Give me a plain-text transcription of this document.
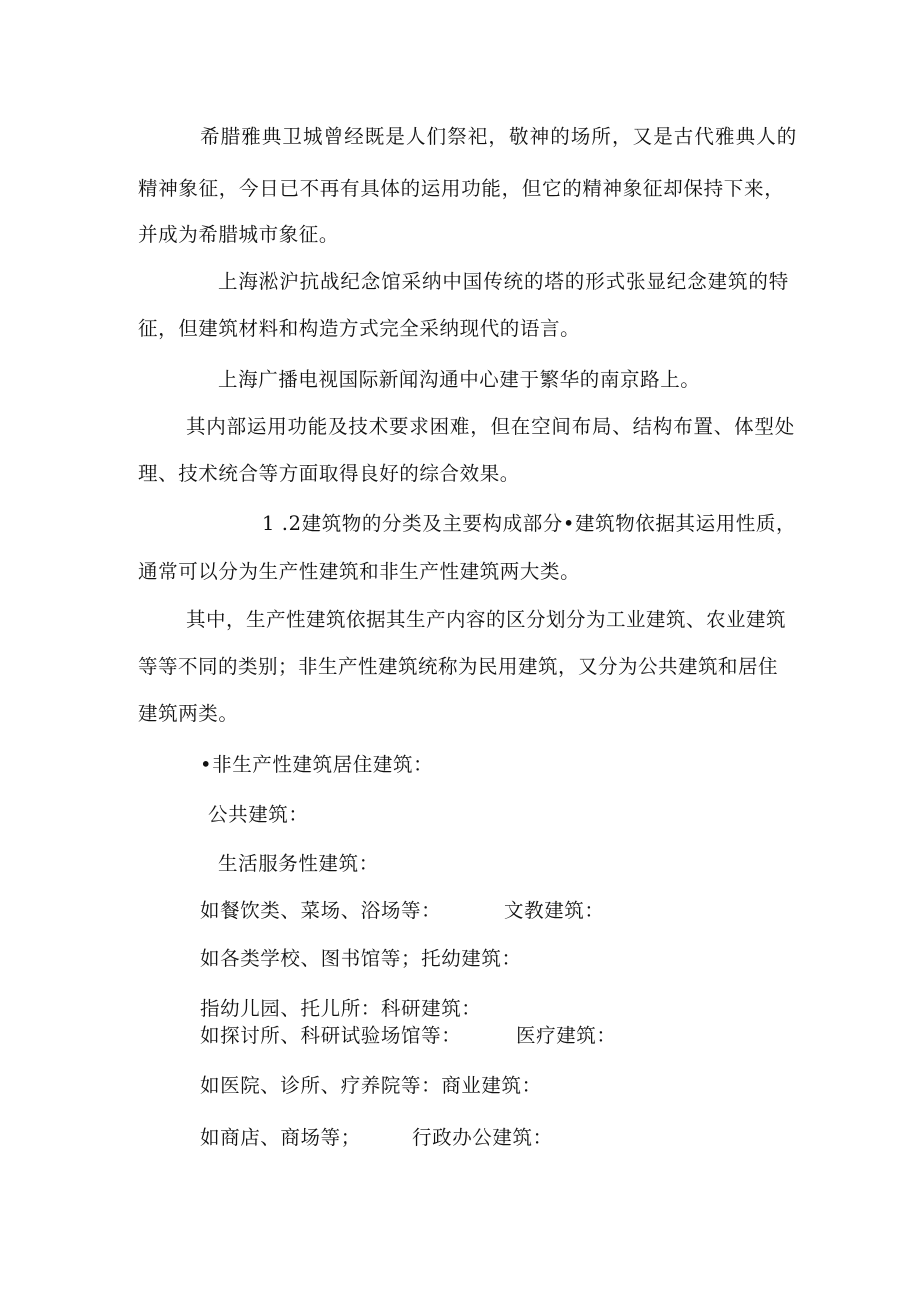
希腊雅典卫城曾经既是人们祭祀，敬神的场所，又是古代雅典人的
精神象征，今日已不再有具体的运用功能，但它的精神象征却保持下来，
并成为希腊城市象征。
上海淞沪抗战纪念馆采纳中国传统的塔的形式张显纪念建筑的特
征，但建筑材料和构造方式完全采纳现代的语言。
上海广播电视国际新闻沟通中心建于繁华的南京路上。
其内部运用功能及技术要求困难，但在空间布局、结构布置、体型处
理、技术统合等方面取得良好的综合效果。
1 .2建筑物的分类及主要构成部分•建筑物依据其运用性质，
通常可以分为生产性建筑和非生产性建筑两大类。
其中，生产性建筑依据其生产内容的区分划分为工业建筑、农业建筑
等等不同的类别；非生产性建筑统称为民用建筑，又分为公共建筑和居住
建筑两类。
•非生产性建筑居住建筑：
公共建筑：
生活服务性建筑：
如餐饮类、菜场、浴场等：	文教建筑：
如各类学校、图书馆等；托幼建筑：
指幼儿园、托儿所：科研建筑：
如探讨所、科研试验场馆等：	医疗建筑：
如医院、诊所、疗养院等：商业建筑：
如商店、商场等；	行政办公建筑：
